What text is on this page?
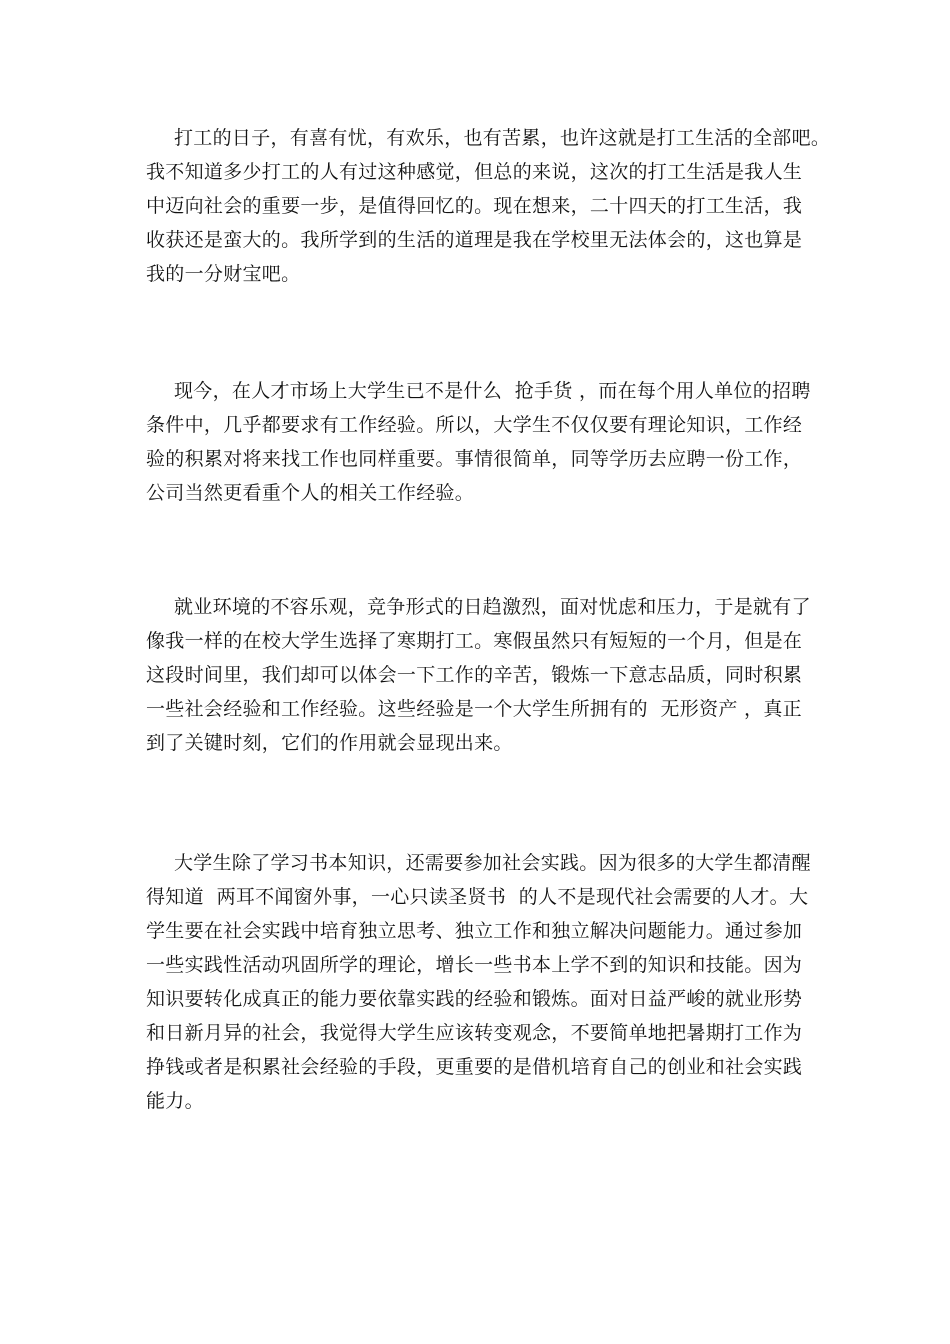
打工的日子，有喜有忧，有欢乐，也有苦累，也许这就是打工生活的全部吧。
我不知道多少打工的人有过这种感觉，但总的来说，这次的打工生活是我人生
中迈向社会的重要一步，是值得回忆的。现在想来，二十四天的打工生活，我
收获还是蛮大的。我所学到的生活的道理是我在学校里无法体会的，这也算是
我的一分财宝吧。

现今，在人才市场上大学生已不是什么  抢手货 ，而在每个用人单位的招聘
条件中，几乎都要求有工作经验。所以，大学生不仅仅要有理论知识，工作经
验的积累对将来找工作也同样重要。事情很简单，同等学历去应聘一份工作，
公司当然更看重个人的相关工作经验。

就业环境的不容乐观，竞争形式的日趋激烈，面对忧虑和压力，于是就有了
像我一样的在校大学生选择了寒期打工。寒假虽然只有短短的一个月，但是在
这段时间里，我们却可以体会一下工作的辛苦，锻炼一下意志品质，同时积累
一些社会经验和工作经验。这些经验是一个大学生所拥有的  无形资产 ，真正
到了关键时刻，它们的作用就会显现出来。

大学生除了学习书本知识，还需要参加社会实践。因为很多的大学生都清醒
得知道  两耳不闻窗外事，一心只读圣贤书  的人不是现代社会需要的人才。大
学生要在社会实践中培育独立思考、独立工作和独立解决问题能力。通过参加
一些实践性活动巩固所学的理论，增长一些书本上学不到的知识和技能。因为
知识要转化成真正的能力要依靠实践的经验和锻炼。面对日益严峻的就业形势
和日新月异的社会，我觉得大学生应该转变观念，不要简单地把暑期打工作为
挣钱或者是积累社会经验的手段，更重要的是借机培育自己的创业和社会实践
能力。
